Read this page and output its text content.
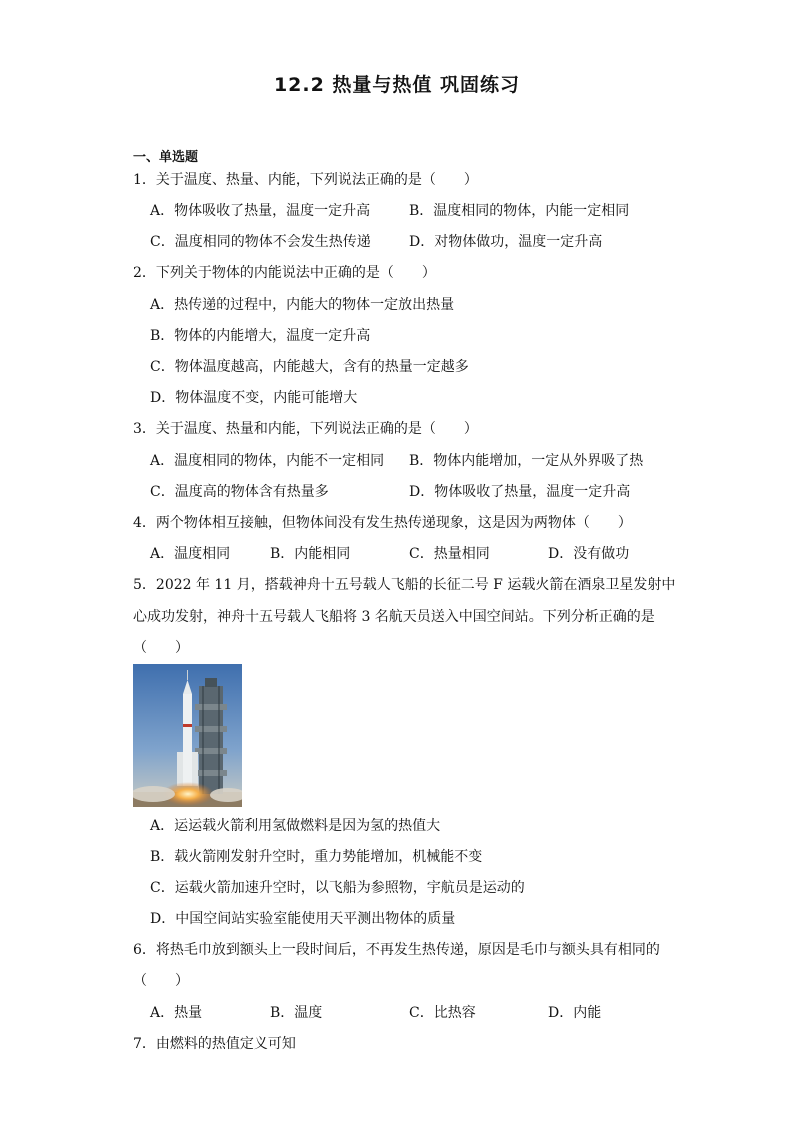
12.2 热量与热值 巩固练习
一、单选题
1．关于温度、热量、内能，下列说法正确的是（　　）
A．物体吸收了热量，温度一定升高	B．温度相同的物体，内能一定相同
C．温度相同的物体不会发生热传递	D．对物体做功，温度一定升高
2．下列关于物体的内能说法中正确的是（　　）
A．热传递的过程中，内能大的物体一定放出热量
B．物体的内能增大，温度一定升高
C．物体温度越高，内能越大，含有的热量一定越多
D．物体温度不变，内能可能增大
3．关于温度、热量和内能，下列说法正确的是（　　）
A．温度相同的物体，内能不一定相同 B．物体内能增加，一定从外界吸了热
C．温度高的物体含有热量多	D．物体吸收了热量，温度一定升高
4．两个物体相互接触，但物体间没有发生热传递现象，这是因为两物体（　　）
A．温度相同	B．内能相同	C．热量相同	D．没有做功
5．2022 年 11 月，搭载神舟十五号载人飞船的长征二号 F 运载火箭在酒泉卫星发射中
心成功发射，神舟十五号载人飞船将 3 名航天员送入中国空间站。下列分析正确的是
（　　）
A．运运载火箭利用氢做燃料是因为氢的热值大
B．载火箭刚发射升空时，重力势能增加，机械能不变
C．运载火箭加速升空时，以飞船为参照物，宇航员是运动的
D．中国空间站实验室能使用天平测出物体的质量
6．将热毛巾放到额头上一段时间后，不再发生热传递，原因是毛巾与额头具有相同的
（　　）
A．热量	B．温度	C．比热容	D．内能
7．由燃料的热值定义可知
